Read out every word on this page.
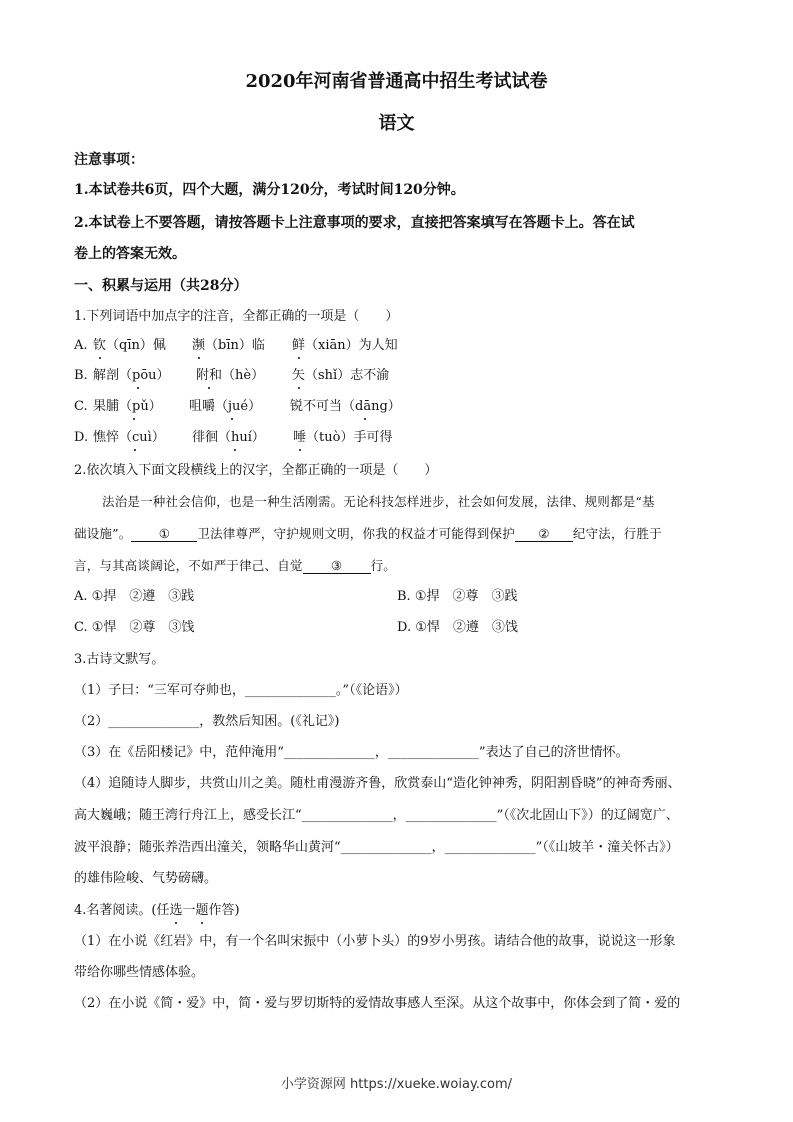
2020年河南省普通高中招生考试试卷
语文
注意事项：
1.本试卷共6页，四个大题，满分120分，考试时间120分钟。
2.本试卷上不要答题，请按答题卡上注意事项的要求，直接把答案填写在答题卡上。答在试
卷上的答案无效。
一、积累与运用（共28分）
1.下列词语中加点字的注音，全都正确的一项是（　　）
A. 钦（qīn）佩 濒（bīn）临 鲜（xiān）为人知
B. 解剖（pōu） 附和（hè） 矢（shǐ）志不渝
C. 果脯（pǔ） 咀嚼（jué） 锐不可当（dāng）
D. 憔悴（cuì） 徘徊（huí） 唾（tuò）手可得
2.依次填入下面文段横线上的汉字，全都正确的一项是（　　）
法治是一种社会信仰，也是一种生活刚需。无论科技怎样进步，社会如何发展，法律、规则都是“基
础设施”。 ① 卫法律尊严，守护规则文明，你我的权益才可能得到保护 ② 纪守法，行胜于
言，与其高谈阔论，不如严于律己、自觉 ③ 行。
A. ①捍　②遵　③践	B. ①捍　②尊　③践
C. ①悍　②尊　③饯	D. ①悍　②遵　③饯
3.古诗文默写。
（1）子曰：“三军可夺帅也，______________。”（《论语》）
（2）______________，教然后知困。(《礼记》)
（3）在《岳阳楼记》中，范仲淹用“______________，______________”表达了自己的济世情怀。
（4）追随诗人脚步，共赏山川之美。随杜甫漫游齐鲁，欣赏泰山“造化钟神秀，阴阳割昏晓”的神奇秀丽、
高大巍峨；随王湾行舟江上，感受长江“______________，______________”（《次北固山下》）的辽阔宽广、
波平浪静；随张养浩西出潼关，领略华山黄河“______________，______________”（《山坡羊・潼关怀古》）
的雄伟险峻、气势磅礴。
4.名著阅读。(任选一题作答)
（1）在小说《红岩》中，有一个名叫宋振中（小萝卜头）的9岁小男孩。请结合他的故事，说说这一形象
带给你哪些情感体验。
（2）在小说《简・爱》中，简・爱与罗切斯特的爱情故事感人至深。从这个故事中，你体会到了简・爱的
小学资源网 https://xueke.woiay.com/
